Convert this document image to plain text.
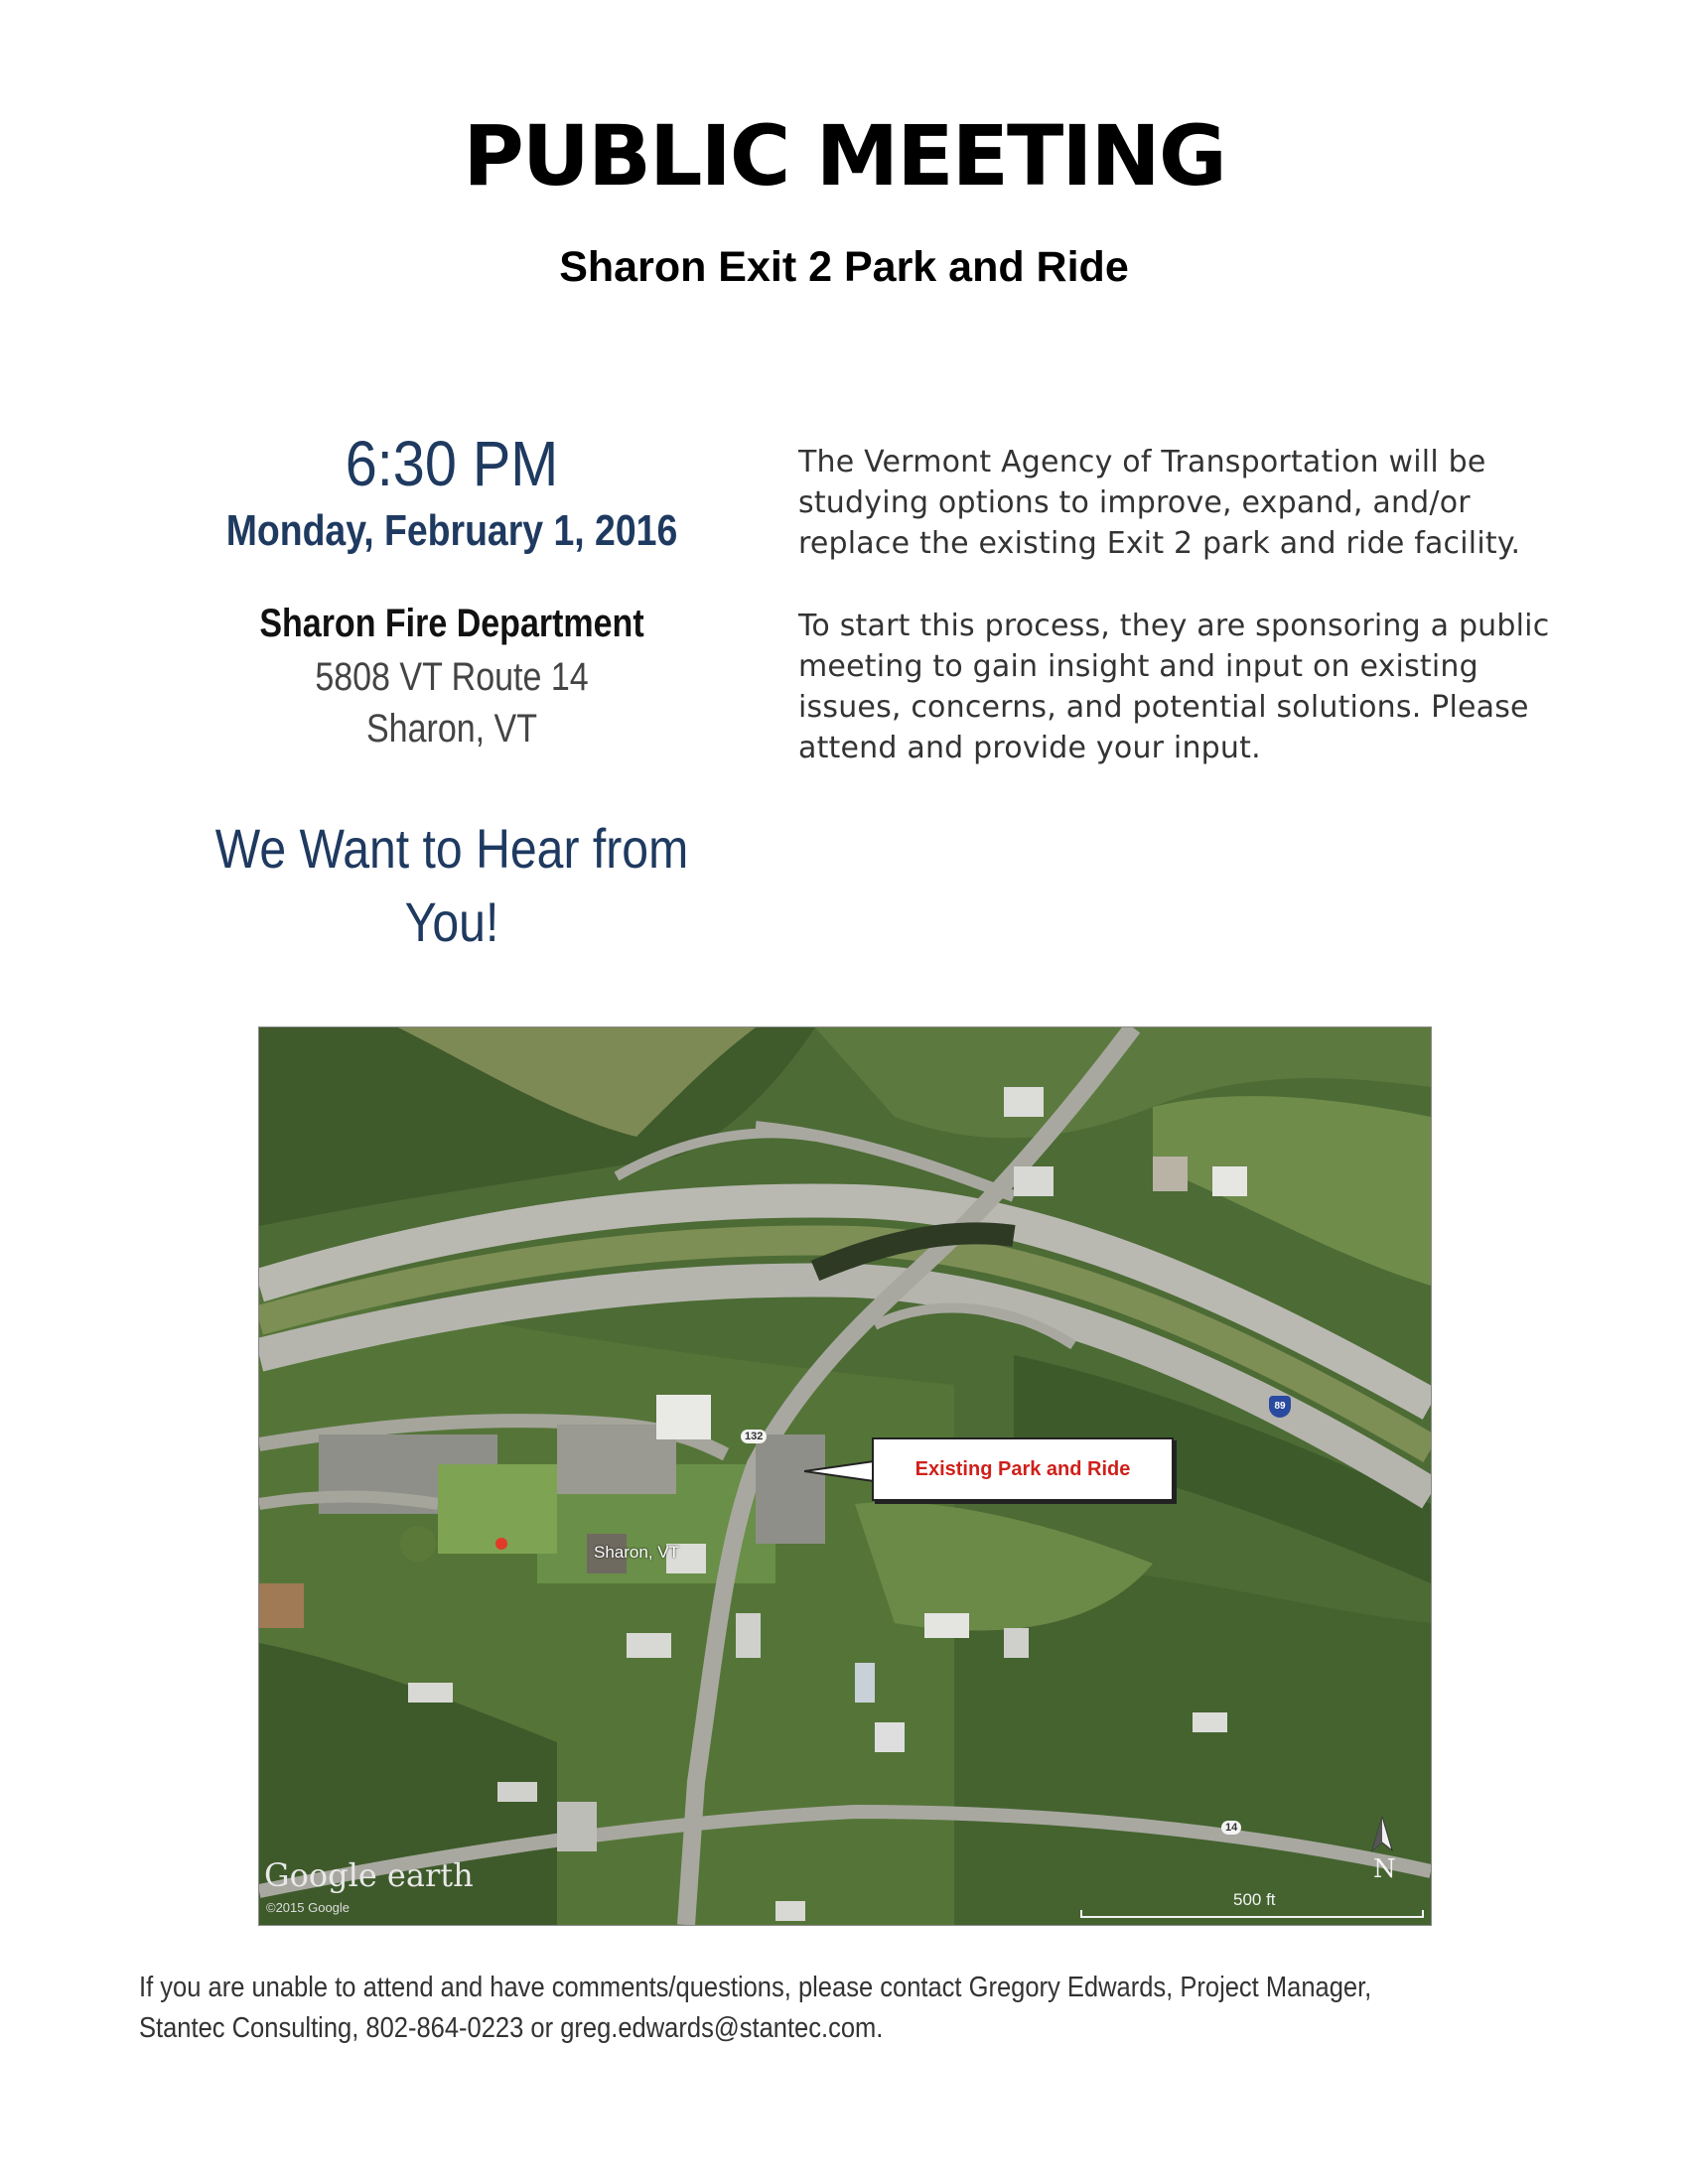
PUBLIC MEETING
Sharon Exit 2 Park and Ride
6:30 PM
Monday, February 1, 2016
Sharon Fire Department
5808 VT Route 14
Sharon, VT
We Want to Hear from You!
The Vermont Agency of Transportation will be studying options to improve, expand, and/or replace the existing Exit 2 park and ride facility.
To start this process, they are sponsoring a public meeting to gain insight and input on existing issues, concerns, and potential solutions. Please attend and provide your input.
Sharon, VT
132
14
89
Existing Park and Ride
Google earth
©2015 Google	500 ft
N
If you are unable to attend and have comments/questions, please contact Gregory Edwards, Project Manager, Stantec Consulting, 802-864-0223 or greg.edwards@stantec.com.
